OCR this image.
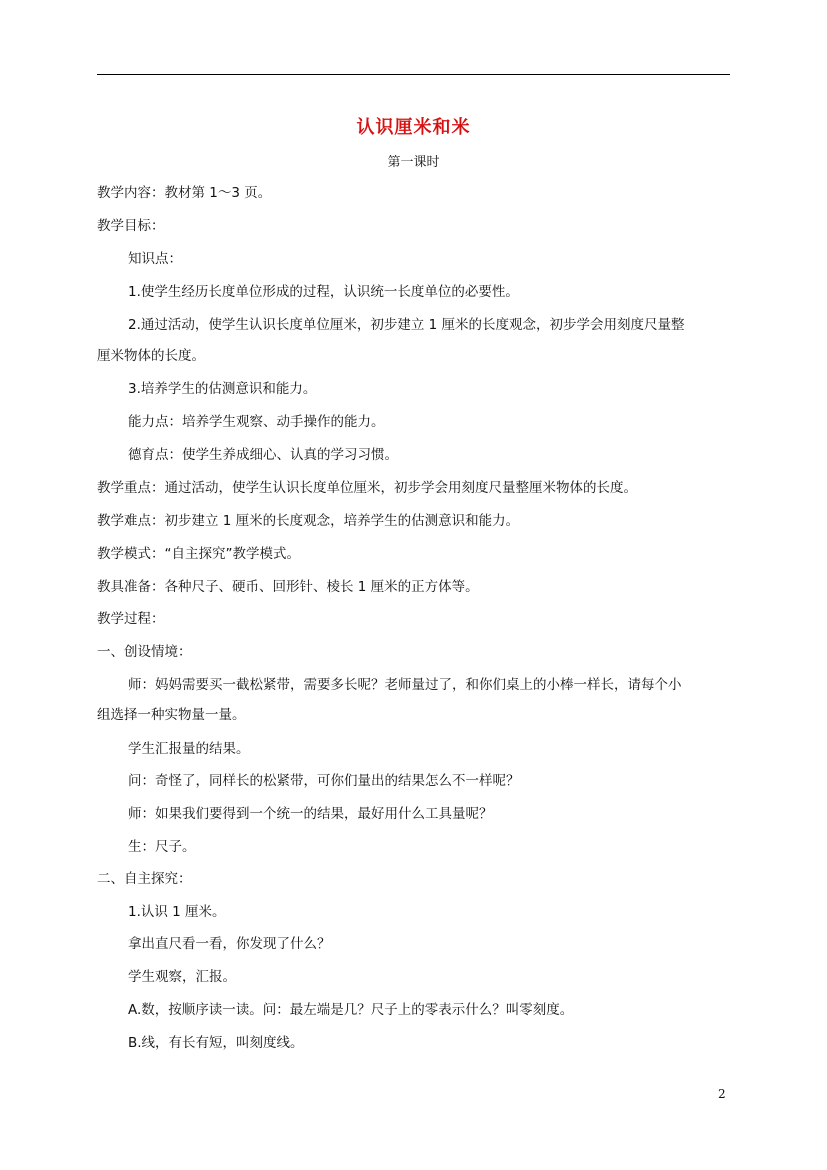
认识厘米和米
第一课时
教学内容：教材第 1～3 页。
教学目标：
知识点：
1.使学生经历长度单位形成的过程，认识统一长度单位的必要性。
2.通过活动，使学生认识长度单位厘米，初步建立 1 厘米的长度观念，初步学会用刻度尺量整
厘米物体的长度。
3.培养学生的估测意识和能力。
能力点：培养学生观察、动手操作的能力。
德育点：使学生养成细心、认真的学习习惯。
教学重点：通过活动，使学生认识长度单位厘米，初步学会用刻度尺量整厘米物体的长度。
教学难点：初步建立 1 厘米的长度观念，培养学生的估测意识和能力。
教学模式：“自主探究”教学模式。
教具准备：各种尺子、硬币、回形针、棱长 1 厘米的正方体等。
教学过程：
一、创设情境：
师：妈妈需要买一截松紧带，需要多长呢？老师量过了，和你们桌上的小棒一样长，请每个小
组选择一种实物量一量。
学生汇报量的结果。
问：奇怪了，同样长的松紧带，可你们量出的结果怎么不一样呢？
师：如果我们要得到一个统一的结果，最好用什么工具量呢？
生：尺子。
二、自主探究：
1.认识 1 厘米。
拿出直尺看一看，你发现了什么？
学生观察，汇报。
A.数，按顺序读一读。问：最左端是几？尺子上的零表示什么？叫零刻度。
B.线，有长有短，叫刻度线。
2
